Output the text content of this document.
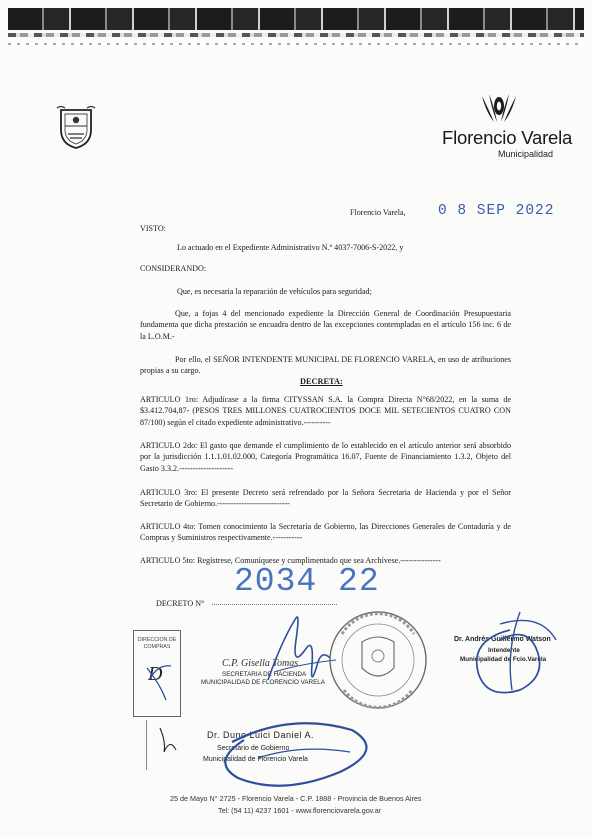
Florencio Varela
Municipalidad
Florencio Varela, 0 8 SEP 2022
VISTO:
Lo actuado en el Expediente Administrativo N.º 4037-7006-S-2022, y
CONSIDERANDO:
Que, es necesaria la reparación de vehículos para seguridad;
Que, a fojas 4 del mencionado expediente la Dirección General de Coordinación Presupuestaria fundamenta que dicha prestación se encuadra dentro de las excepciones contempladas en el artículo 156 inc. 6 de la L.O.M.-
Por ello, el SEÑOR INTENDENTE MUNICIPAL DE FLORENCIO VARELA, en uso de atribuciones propias a su cargo.
DECRETA:
ARTICULO 1ro: Adjudícase a la firma CITYSSAN S.A. la Compra Directa N°68/2022, en la suma de $3.412.704,87- (PESOS TRES MILLONES CUATROCIENTOS DOCE MIL SETECIENTOS CUATRO CON 87/100) según el citado expediente administrativo.----------
ARTICULO 2do: El gasto que demande el cumplimiento de lo establecido en el artículo anterior será absorbido por la jurisdicción 1.1.1.01.02.000, Categoría Programática 16.07, Fuente de Financiamiento 1.3.2, Objeto del Gasto 3.3.2.--------------------
ARTICULO 3ro: El presente Decreto será refrendado por la Señora Secretaria de Hacienda y por el Señor Secretario de Gobierno.---------------------------
ARTICULO 4to: Tomen conocimiento la Secretaría de Gobierno, las Direcciones Generales de Contaduría y de Compras y Suministros respectivamente.-----------
ARTICULO 5to: Regístrese, Comuníquese y cumplimentado que sea Archívese.---------------
2034 22
DECRETO N°
DIRECCION DE COMPRAS
D	C.P. Gisella Tomas
SECRETARIA DE HACIENDA
MUNICIPALIDAD DE FLORENCIO VARELA
Dr. Andrés Guillermo Watson
Intendente
Municipalidad de Fcio.Varela
Dr. Duno Luici Daniel A.
Secretario de Gobierno
Municipalidad de Florencio Varela
25 de Mayo N° 2725 - Florencio Varela - C.P. 1888 - Provincia de Buenos Aires
Tel: (54 11) 4237 1601 - www.florenciovarela.gov.ar
